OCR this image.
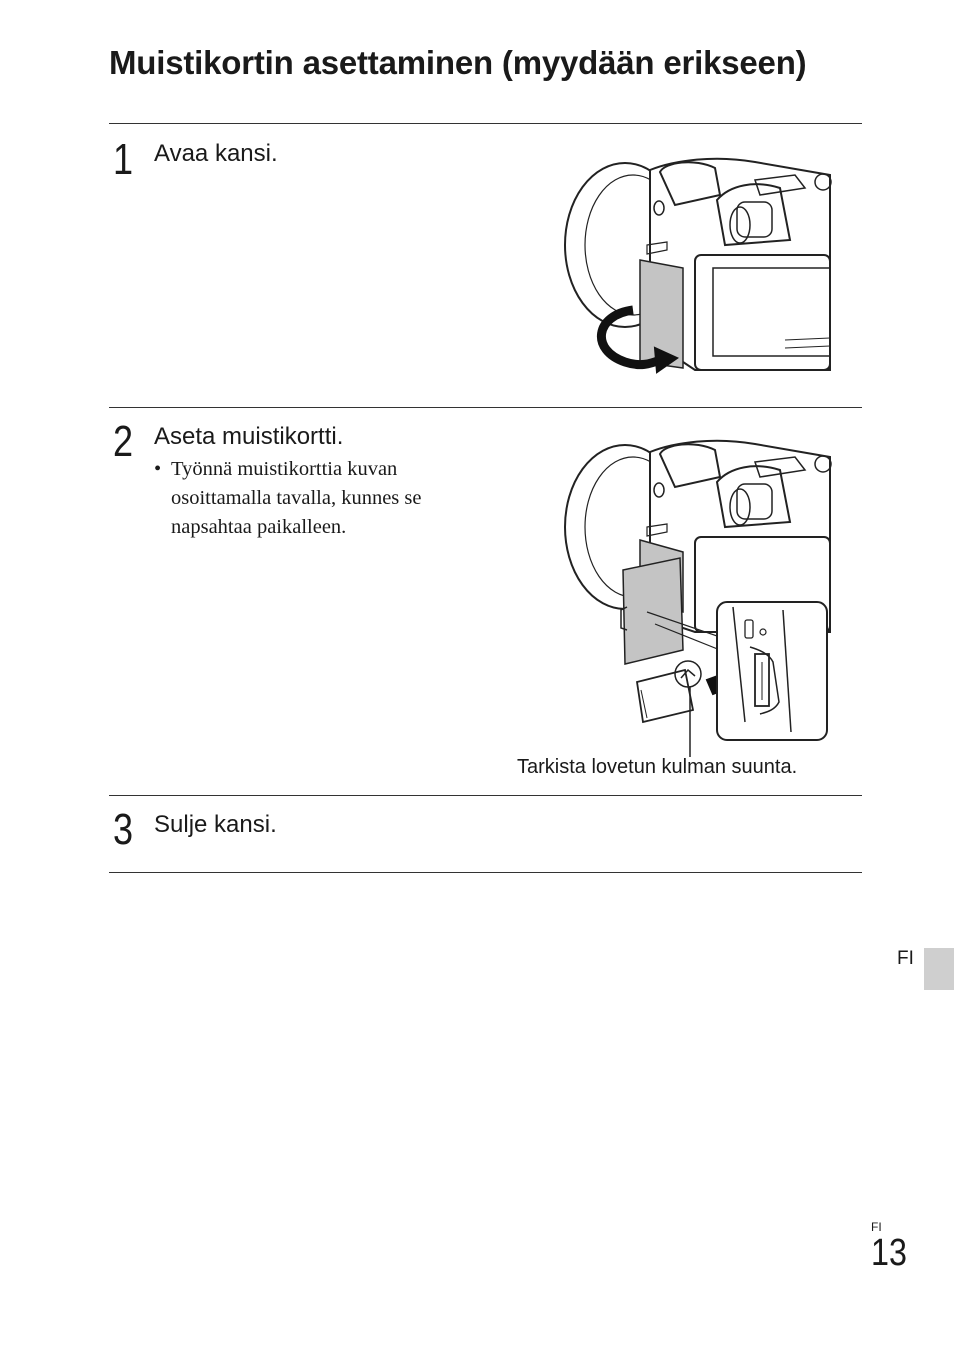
Muistikortin asettaminen (myydään erikseen)
1 Avaa kansi.
2 Aseta muistikortti.
• Työnnä muistikorttia kuvan osoittamalla tavalla, kunnes se napsahtaa paikalleen.
Tarkista lovetun kulman suunta.
3 Sulje kansi.
FI
FI
13
